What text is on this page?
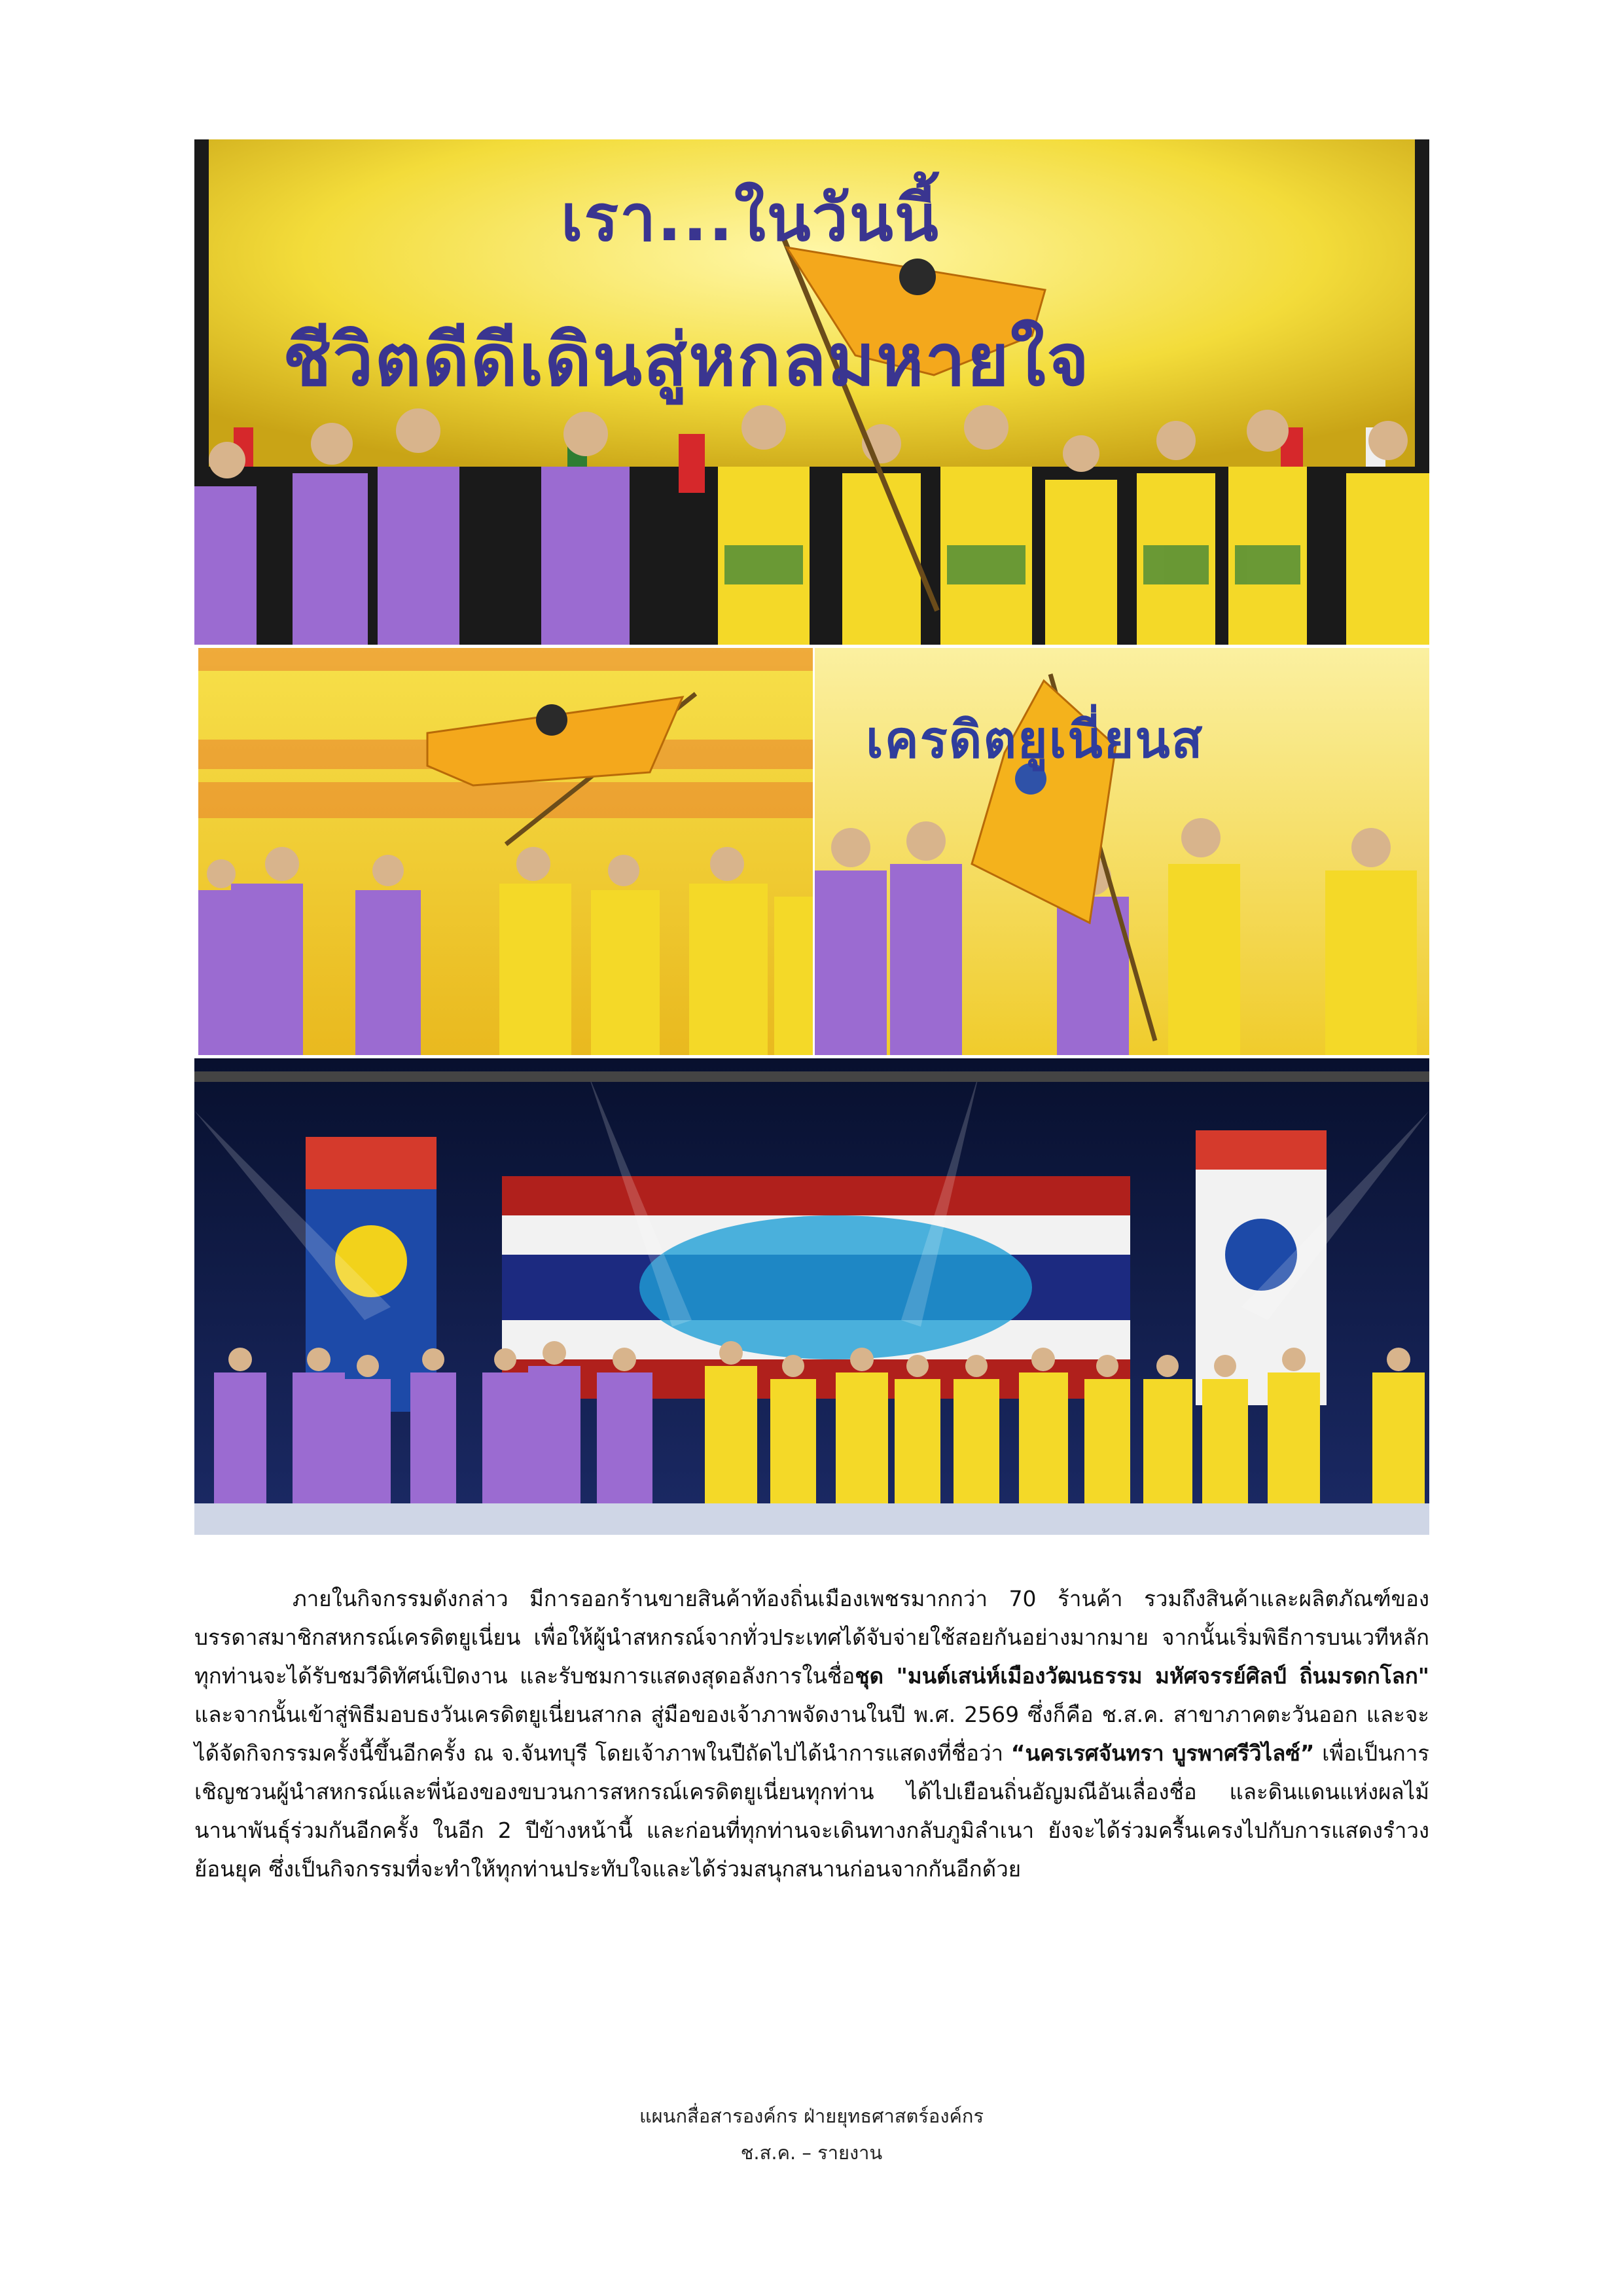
เรา...ในวันนี้
ชีวิตดีดีเดินสู่หกลมหายใจ
เครดิตยูเนี่ยนส
ภายในกิจกรรมดังกล่าว มีการออกร้านขายสินค้าท้องถิ่นเมืองเพชรมากกว่า 70 ร้านค้า รวมถึงสินค้าและผลิตภัณฑ์ของบรรดาสมาชิกสหกรณ์เครดิตยูเนี่ยน เพื่อให้ผู้นำสหกรณ์จากทั่วประเทศได้จับจ่ายใช้สอยกันอย่างมากมาย จากนั้นเริ่มพิธีการบนเวทีหลัก ทุกท่านจะได้รับชมวีดิทัศน์เปิดงาน และรับชมการแสดงสุดอลังการในชื่อชุด "มนต์เสน่ห์เมืองวัฒนธรรม มหัศจรรย์ศิลป์ ถิ่นมรดกโลก" และจากนั้นเข้าสู่พิธีมอบธงวันเครดิตยูเนี่ยนสากล สู่มือของเจ้าภาพจัดงานในปี พ.ศ. 2569 ซึ่งก็คือ ช.ส.ค. สาขาภาคตะวันออก และจะได้จัดกิจกรรมครั้งนี้ขึ้นอีกครั้ง ณ จ.จันทบุรี โดยเจ้าภาพในปีถัดไปได้นำการแสดงที่ชื่อว่า “นครเรศจันทรา บูรพาศรีวิไลซ์” เพื่อเป็นการเชิญชวนผู้นำสหกรณ์และพี่น้องของขบวนการสหกรณ์เครดิตยูเนี่ยนทุกท่าน ได้ไปเยือนถิ่นอัญมณีอันเลื่องชื่อ และดินแดนแห่งผลไม้นานาพันธุ์ร่วมกันอีกครั้ง ในอีก 2 ปีข้างหน้านี้ และก่อนที่ทุกท่านจะเดินทางกลับภูมิลำเนา ยังจะได้ร่วมครื้นเครงไปกับการแสดงรำวงย้อนยุค ซึ่งเป็นกิจกรรมที่จะทำให้ทุกท่านประทับใจและได้ร่วมสนุกสนานก่อนจากกันอีกด้วย
แผนกสื่อสารองค์กร ฝ่ายยุทธศาสตร์องค์กร
ช.ส.ค. – รายงาน
